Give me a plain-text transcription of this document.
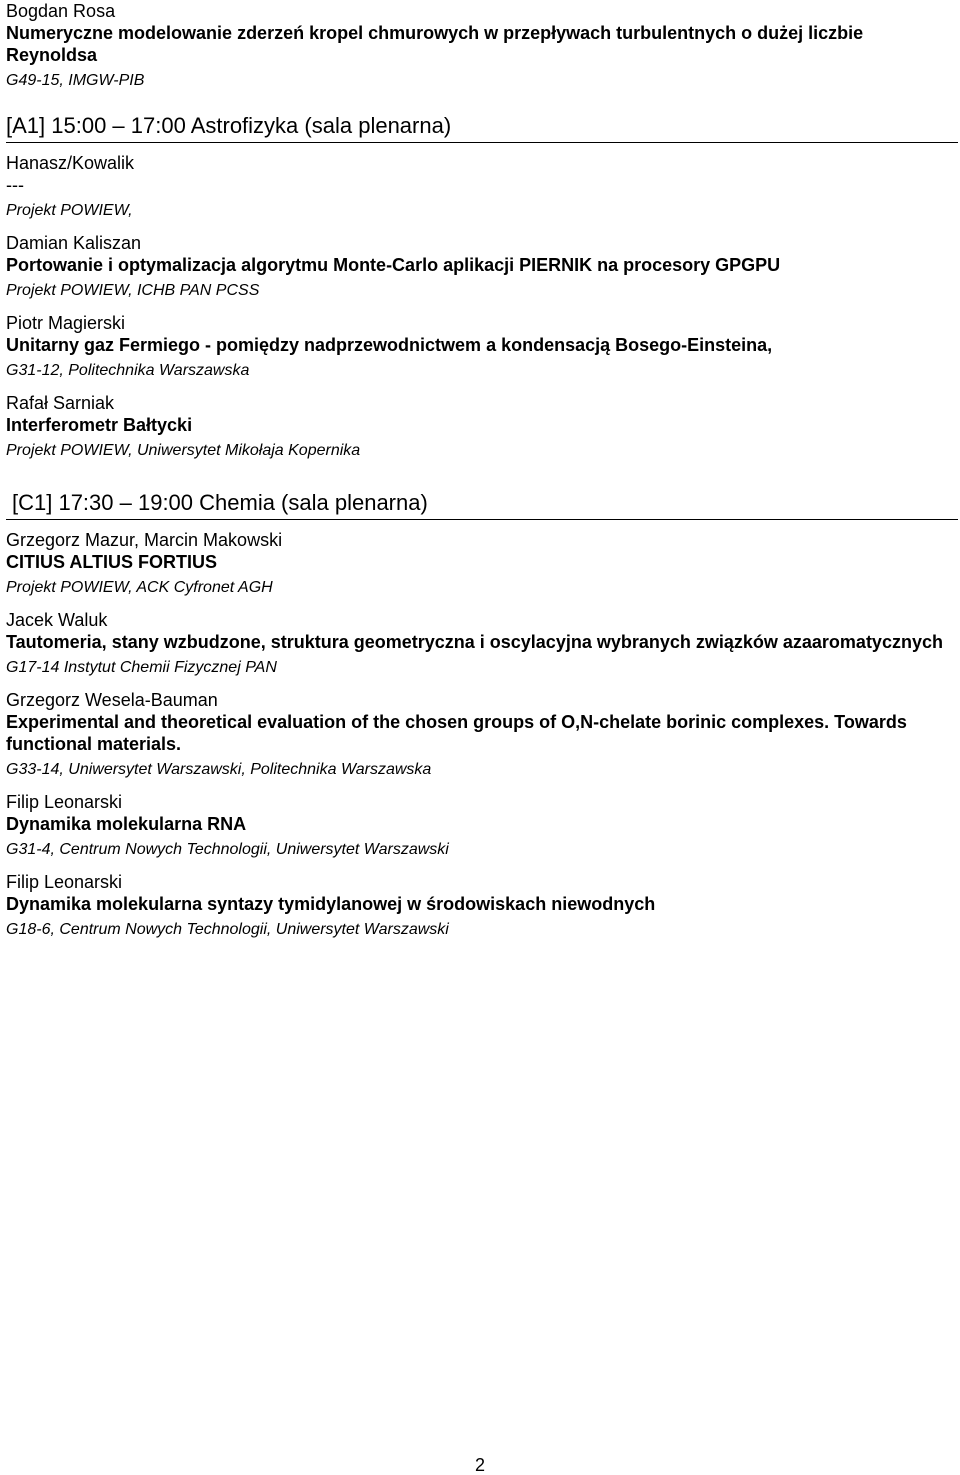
Bogdan Rosa
Numeryczne modelowanie zderzeń kropel chmurowych w przepływach turbulentnych o dużej liczbie Reynoldsa
G49-15, IMGW-PIB
[A1] 15:00 – 17:00 Astrofizyka (sala plenarna)
Hanasz/Kowalik
---
Projekt POWIEW,
Damian Kaliszan
Portowanie i optymalizacja algorytmu Monte-Carlo aplikacji PIERNIK na procesory GPGPU
Projekt POWIEW, ICHB PAN PCSS
Piotr Magierski
Unitarny gaz Fermiego - pomiędzy nadprzewodnictwem a kondensacją Bosego-Einsteina,
G31-12, Politechnika Warszawska
Rafał Sarniak
Interferometr Bałtycki
Projekt POWIEW, Uniwersytet Mikołaja Kopernika
[C1] 17:30 – 19:00 Chemia (sala plenarna)
Grzegorz Mazur, Marcin Makowski
CITIUS ALTIUS FORTIUS
Projekt POWIEW, ACK Cyfronet AGH
Jacek Waluk
Tautomeria, stany wzbudzone, struktura geometryczna i oscylacyjna wybranych związków azaaromatycznych
G17-14 Instytut Chemii Fizycznej PAN
Grzegorz Wesela-Bauman
Experimental and theoretical evaluation of the chosen groups of O,N-chelate borinic complexes. Towards functional materials.
G33-14, Uniwersytet Warszawski, Politechnika Warszawska
Filip Leonarski
Dynamika molekularna RNA
G31-4, Centrum Nowych Technologii, Uniwersytet Warszawski
Filip Leonarski
Dynamika molekularna syntazy tymidylanowej w środowiskach niewodnych
G18-6, Centrum Nowych Technologii, Uniwersytet Warszawski
2
